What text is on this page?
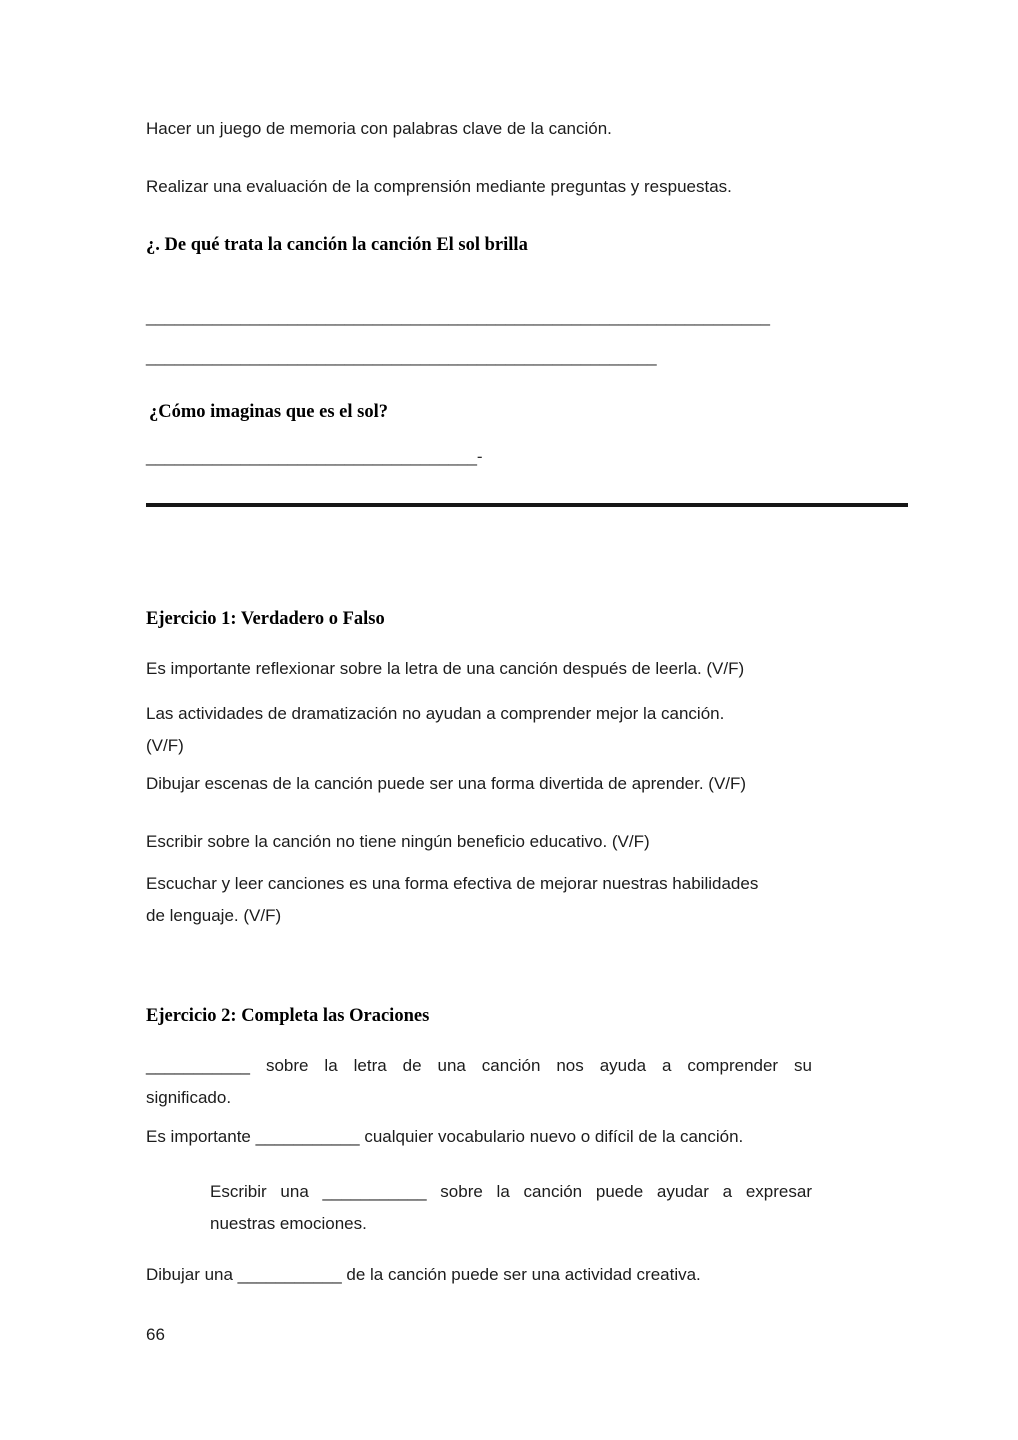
Hacer un juego de memoria con palabras clave de la canción.

Realizar una evaluación de la comprensión mediante preguntas y respuestas.

¿. De qué trata la canción la canción El sol brilla
__________________________________________________________________
______________________________________________________
¿Cómo imaginas que es el sol?
___________________________________-
Ejercicio 1: Verdadero o Falso

Es importante reflexionar sobre la letra de una canción después de leerla. (V/F)

Las actividades de dramatización no ayudan a comprender mejor la canción.
(V/F)

Dibujar escenas de la canción puede ser una forma divertida de aprender. (V/F)

Escribir sobre la canción no tiene ningún beneficio educativo. (V/F)

Escuchar y leer canciones es una forma efectiva de mejorar nuestras habilidades
de lenguaje. (V/F)
Ejercicio 2: Completa las Oraciones
___________ sobre la letra de una canción nos ayuda a comprender su
significado.

Es importante ___________ cualquier vocabulario nuevo o difícil de la canción.

Escribir una ___________ sobre la canción puede ayudar a expresar
nuestras emociones.

Dibujar una ___________ de la canción puede ser una actividad creativa.

66
